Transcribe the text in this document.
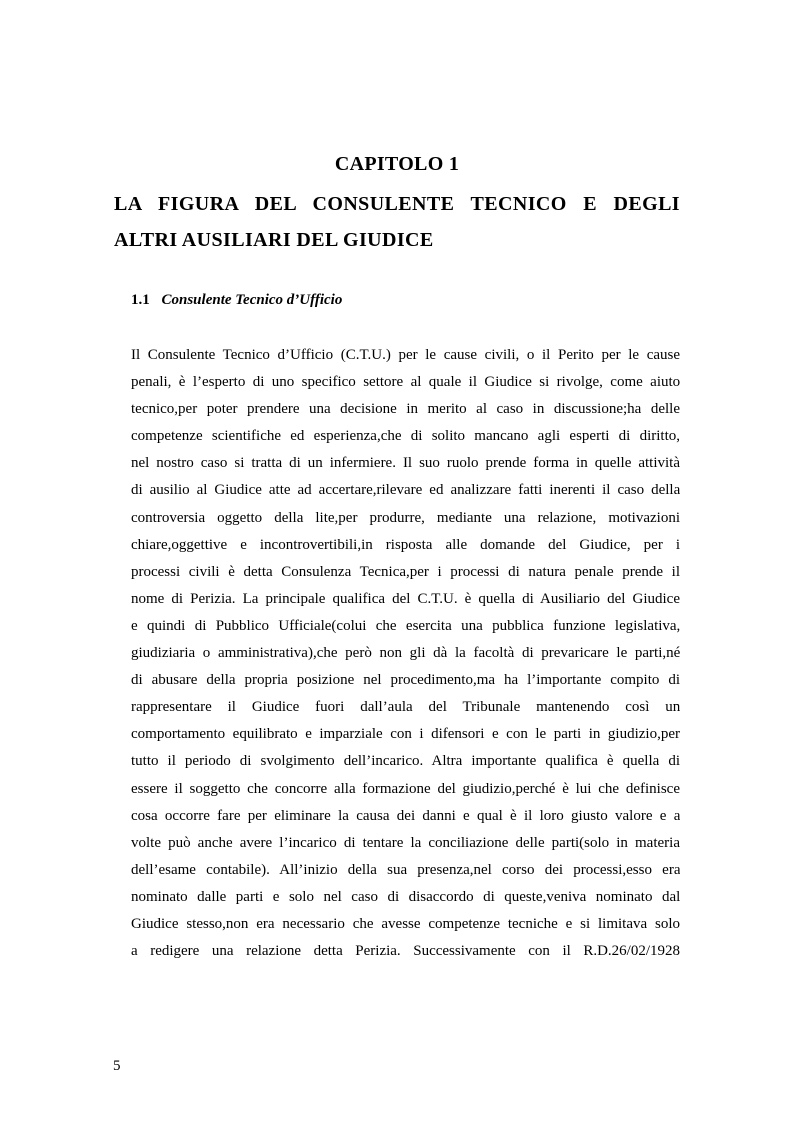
CAPITOLO 1
LA FIGURA DEL CONSULENTE TECNICO E DEGLI
ALTRI AUSILIARI DEL GIUDICE
1.1 Consulente Tecnico d’Ufficio

Il Consulente Tecnico d’Ufficio (C.T.U.) per le cause civili, o il Perito per le cause
penali, è l’esperto di uno specifico settore al quale il Giudice si rivolge, come aiuto
tecnico,per poter prendere una decisione in merito al caso in discussione;ha delle
competenze scientifiche ed esperienza,che di solito mancano agli esperti di diritto,
nel nostro caso si tratta di un infermiere. Il suo ruolo prende forma in quelle attività
di ausilio al Giudice atte ad accertare,rilevare ed analizzare fatti inerenti il caso della
controversia oggetto della lite,per produrre, mediante una relazione, motivazioni
chiare,oggettive e incontrovertibili,in risposta alle domande del Giudice, per i
processi civili è detta Consulenza Tecnica,per i processi di natura penale prende il
nome di Perizia. La principale qualifica del C.T.U. è quella di Ausiliario del Giudice
e quindi di Pubblico Ufficiale(colui che esercita una pubblica funzione legislativa,
giudiziaria o amministrativa),che però non gli dà la facoltà di prevaricare le parti,né
di abusare della propria posizione nel procedimento,ma ha l’importante compito di
rappresentare il Giudice fuori dall’aula del Tribunale mantenendo così un
comportamento equilibrato e imparziale con i difensori e con le parti in giudizio,per
tutto il periodo di svolgimento dell’incarico. Altra importante qualifica è quella di
essere il soggetto che concorre alla formazione del giudizio,perché è lui che definisce
cosa occorre fare per eliminare la causa dei danni e qual è il loro giusto valore e a
volte può anche avere l’incarico di tentare la conciliazione delle parti(solo in materia
dell’esame contabile). All’inizio della sua presenza,nel corso dei processi,esso era
nominato dalle parti e solo nel caso di disaccordo di queste,veniva nominato dal
Giudice stesso,non era necessario che avesse competenze tecniche e si limitava solo
a redigere una relazione detta Perizia. Successivamente con il R.D.26/02/1928

5
